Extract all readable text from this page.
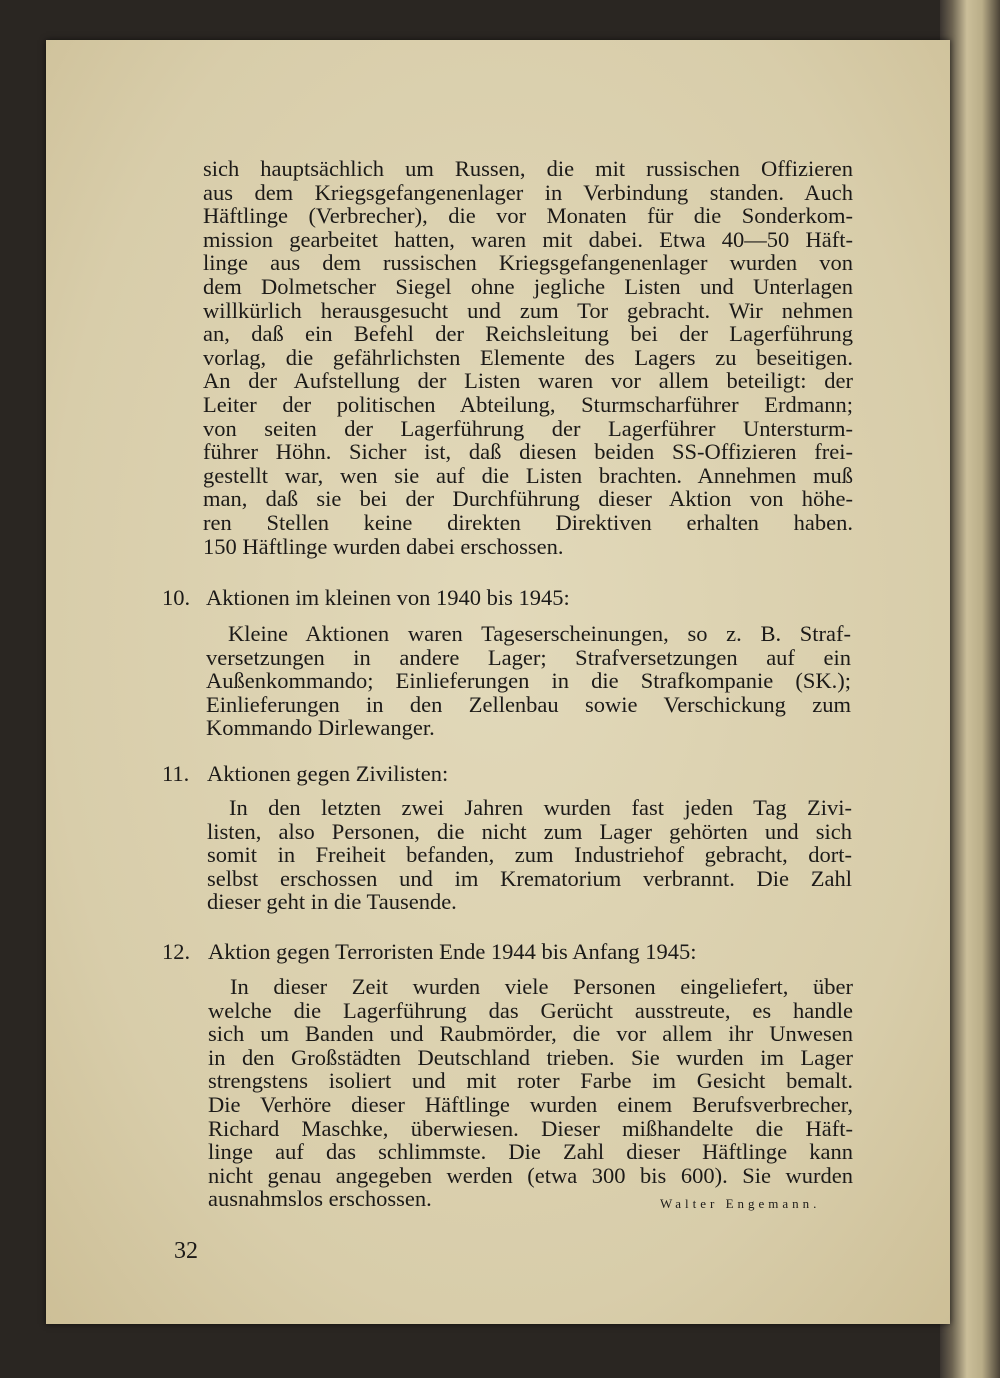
sich hauptsächlich um Russen, die mit russischen Offizieren
aus dem Kriegsgefangenenlager in Verbindung standen. Auch
Häftlinge (Verbrecher), die vor Monaten für die Sonderkom-
mission gearbeitet hatten, waren mit dabei. Etwa 40—50 Häft-
linge aus dem russischen Kriegsgefangenenlager wurden von
dem Dolmetscher Siegel ohne jegliche Listen und Unterlagen
willkürlich herausgesucht und zum Tor gebracht. Wir nehmen
an, daß ein Befehl der Reichsleitung bei der Lagerführung
vorlag, die gefährlichsten Elemente des Lagers zu beseitigen.
An der Aufstellung der Listen waren vor allem beteiligt: der
Leiter der politischen Abteilung, Sturmscharführer Erdmann;
von seiten der Lagerführung der Lagerführer Untersturm-
führer Höhn. Sicher ist, daß diesen beiden SS-Offizieren frei-
gestellt war, wen sie auf die Listen brachten. Annehmen muß
man, daß sie bei der Durchführung dieser Aktion von höhe-
ren Stellen keine direkten Direktiven erhalten haben.
150 Häftlinge wurden dabei erschossen.
10. Aktionen im kleinen von 1940 bis 1945:
Kleine Aktionen waren Tageserscheinungen, so z. B. Straf-
versetzungen in andere Lager; Strafversetzungen auf ein
Außenkommando; Einlieferungen in die Strafkompanie (SK.);
Einlieferungen in den Zellenbau sowie Verschickung zum
Kommando Dirlewanger.
11. Aktionen gegen Zivilisten:
In den letzten zwei Jahren wurden fast jeden Tag Zivi-
listen, also Personen, die nicht zum Lager gehörten und sich
somit in Freiheit befanden, zum Industriehof gebracht, dort-
selbst erschossen und im Krematorium verbrannt. Die Zahl
dieser geht in die Tausende.
12. Aktion gegen Terroristen Ende 1944 bis Anfang 1945:
In dieser Zeit wurden viele Personen eingeliefert, über
welche die Lagerführung das Gerücht ausstreute, es handle
sich um Banden und Raubmörder, die vor allem ihr Unwesen
in den Großstädten Deutschland trieben. Sie wurden im Lager
strengstens isoliert und mit roter Farbe im Gesicht bemalt.
Die Verhöre dieser Häftlinge wurden einem Berufsverbrecher,
Richard Maschke, überwiesen. Dieser mißhandelte die Häft-
linge auf das schlimmste. Die Zahl dieser Häftlinge kann
nicht genau angegeben werden (etwa 300 bis 600). Sie wurden
ausnahmslos erschossen.	Walter Engemann.
32
